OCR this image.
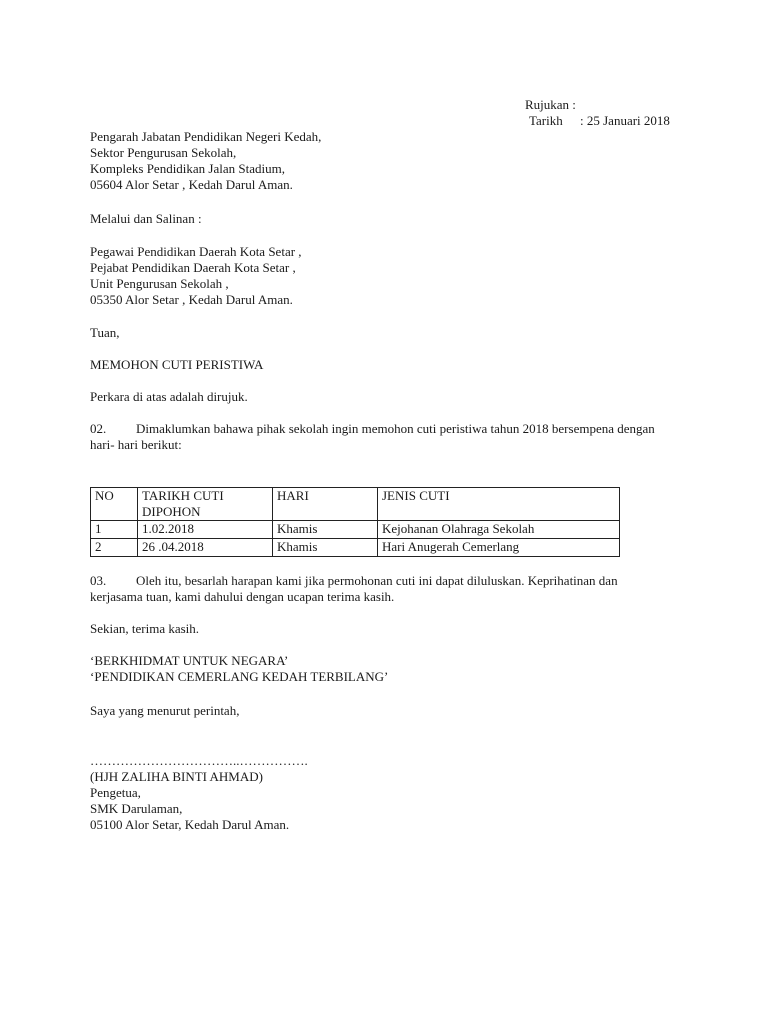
Rujukan :
Tarikh : 25 Januari 2018
Pengarah Jabatan Pendidikan Negeri Kedah,
Sektor Pengurusan Sekolah,
Kompleks Pendidikan Jalan Stadium,
05604 Alor Setar , Kedah Darul Aman.
Melalui dan Salinan :
Pegawai Pendidikan Daerah Kota Setar ,
Pejabat Pendidikan Daerah Kota Setar ,
Unit Pengurusan Sekolah ,
05350 Alor Setar , Kedah Darul Aman.
Tuan,
MEMOHON CUTI PERISTIWA
Perkara di atas adalah dirujuk.
02. Dimaklumkan bahawa pihak sekolah ingin memohon cuti peristiwa tahun 2018 bersempena dengan hari- hari berikut:
NO	TARIKH CUTI DIPOHON	HARI	JENIS CUTI
1	1.02.2018	Khamis	Kejohanan Olahraga Sekolah
2	26 .04.2018	Khamis	Hari Anugerah Cemerlang
03. Oleh itu, besarlah harapan kami jika permohonan cuti ini dapat diluluskan. Keprihatinan dan kerjasama tuan, kami dahului dengan ucapan terima kasih.
Sekian, terima kasih.
‘BERKHIDMAT UNTUK NEGARA’
‘PENDIDIKAN CEMERLANG KEDAH TERBILANG’
Saya yang menurut perintah,
……………………………..…………….
(HJH ZALIHA BINTI AHMAD)
Pengetua,
SMK Darulaman,
05100 Alor Setar, Kedah Darul Aman.
